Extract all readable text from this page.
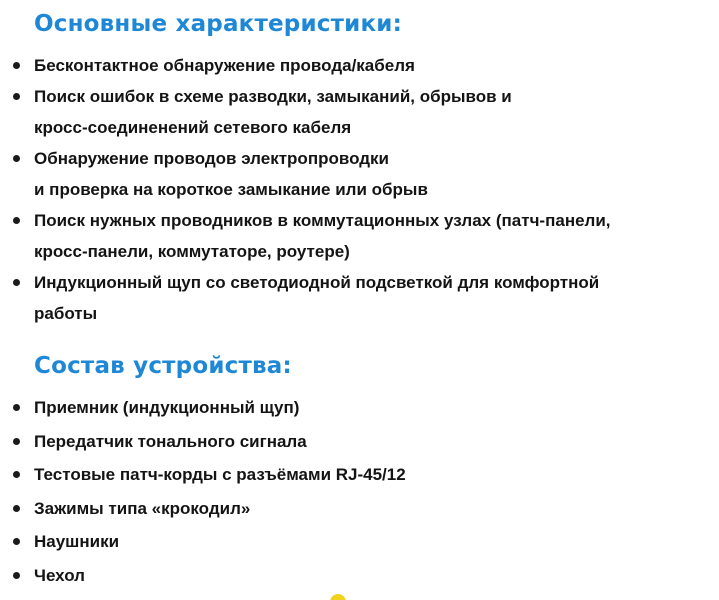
Основные характеристики:
Бесконтактное обнаружение провода/кабеля
Поиск ошибок в схеме разводки, замыканий, обрывов и
кросс-соединенений сетевого кабеля
Обнаружение проводов электропроводки
и проверка на короткое замыкание или обрыв
Поиск нужных проводников в коммутационных узлах (патч-панели,
кросс-панели, коммутаторе, роутере)
Индукционный щуп со светодиодной подсветкой для комфортной
работы
Состав устройства:
Приемник (индукционный щуп)
Передатчик тонального сигнала
Тестовые патч-корды с разъёмами RJ-45/12
Зажимы типа «крокодил»
Наушники
Чехол
